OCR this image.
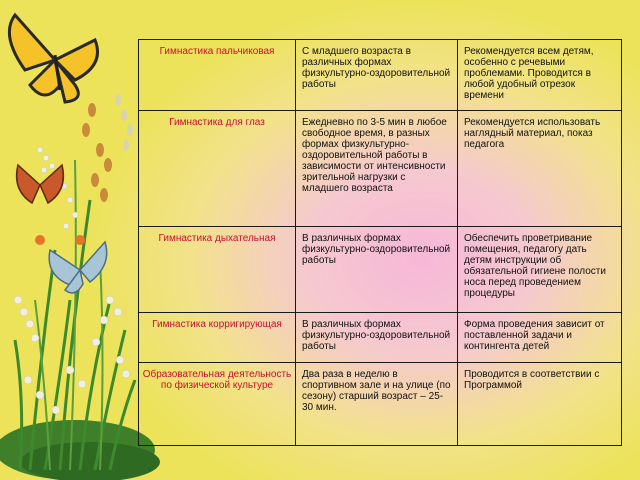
Гимнастика пальчиковая	С младшего возраста в различных формах физкультурно-оздоровительной работы	Рекомендуется всем детям, особенно с речевыми проблемами. Проводится в любой удобный отрезок времени
Гимнастика для глаз	Ежедневно по 3-5 мин в любое свободное время, в разных формах физкультурно-оздоровительной работы в зависимости от интенсивности зрительной нагрузки с младшего возраста	Рекомендуется использовать наглядный материал, показ педагога
Гимнастика дыхательная	В различных формах физкультурно-оздоровительной работы	Обеспечить проветривание помещения, педагогу дать детям инструкции об обязательной гигиене полости носа перед проведением процедуры
Гимнастика корригирующая	В различных формах физкультурно-оздоровительной работы	Форма проведения зависит от поставленной задачи и контингента детей
Образовательная деятельность по физической культуре	Два раза в неделю в спортивном зале и на улице (по сезону) старший возраст – 25-30 мин.	Проводится в соответствии с Программой
